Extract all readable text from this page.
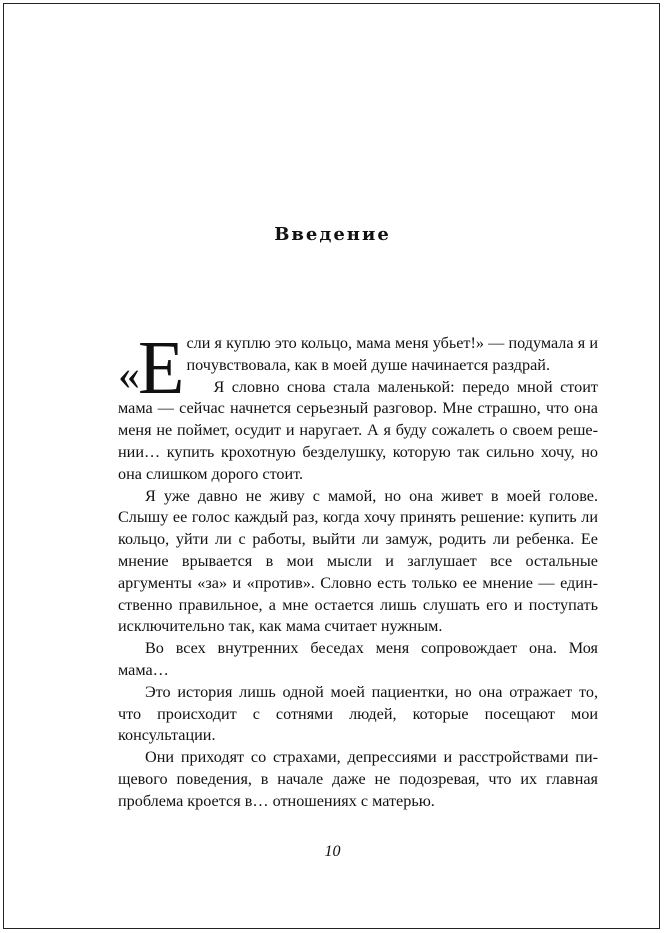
Введение

«
Е сли я куплю это кольцо, мама меня убьет!» — подумала я и почувствовала, как в моей душе начинается раздрай.

Я словно снова стала маленькой: передо мной стоит мама — сейчас начнется серьезный разговор. Мне страшно, что она меня не поймет, осудит и наругает. А я буду сожалеть о своем решении… купить крохотную безделушку, которую так сильно хочу, но она слишком дорого стоит.

Я уже давно не живу с мамой, но она живет в моей голове. Слышу ее голос каждый раз, когда хочу принять решение: купить ли кольцо, уйти ли с работы, выйти ли замуж, родить ли ребенка. Ее мнение врывается в мои мысли и заглушает все остальные аргументы «за» и «против». Словно есть только ее мнение — единственно правильное, а мне остается лишь слушать его и поступать исключительно так, как мама считает нужным.

Во всех внутренних беседах меня сопровождает она. Моя мама…

Это история лишь одной моей пациентки, но она отражает то, что происходит с сотнями людей, которые посещают мои консультации.

Они приходят со страхами, депрессиями и расстройствами пищевого поведения, в начале даже не подозревая, что их главная проблема кроется в… отношениях с матерью.

10
